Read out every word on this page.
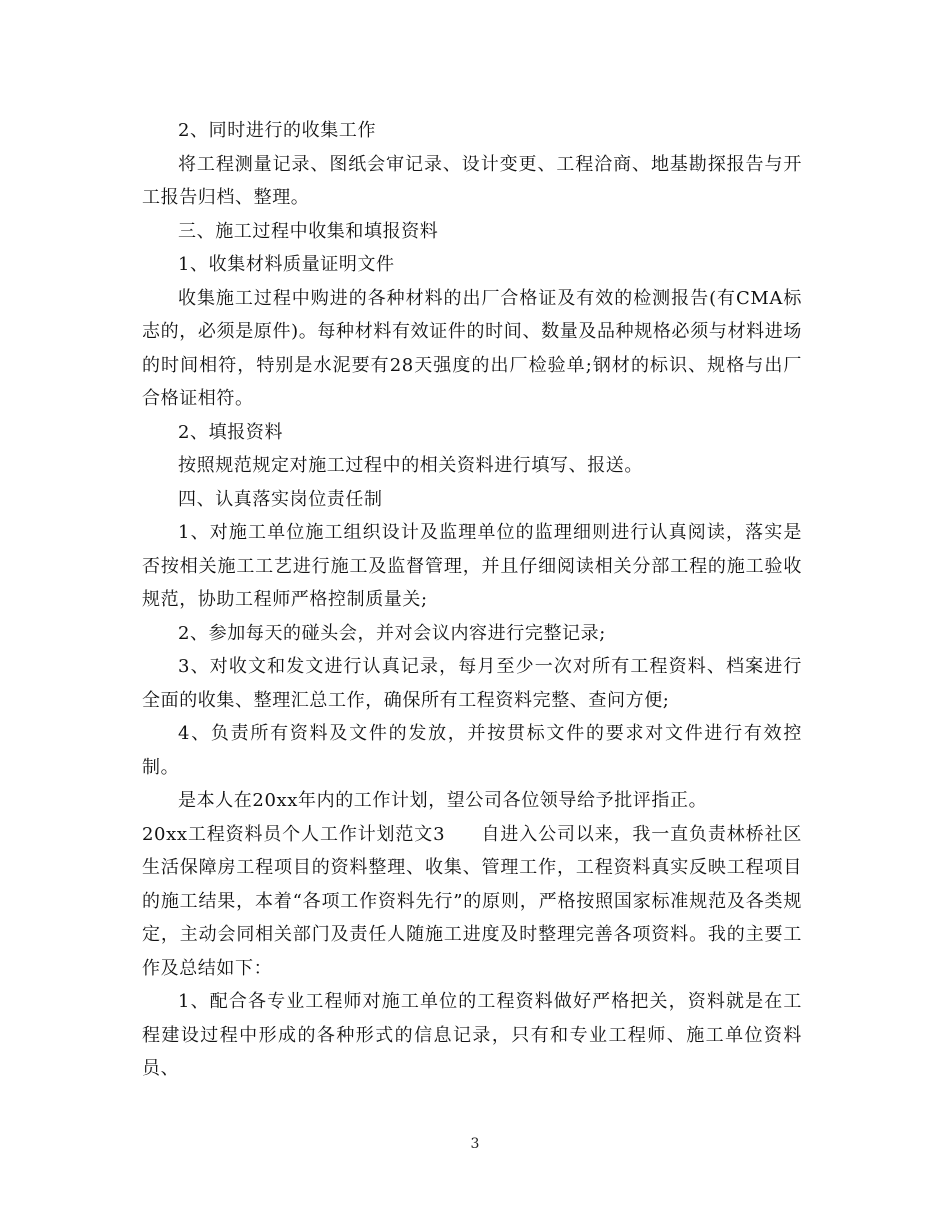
2、同时进行的收集工作

将工程测量记录、图纸会审记录、设计变更、工程洽商、地基勘探报告与开工报告归档、整理。

三、施工过程中收集和填报资料

1、收集材料质量证明文件

收集施工过程中购进的各种材料的出厂合格证及有效的检测报告(有CMA标志的，必须是原件)。每种材料有效证件的时间、数量及品种规格必须与材料进场的时间相符，特别是水泥要有28天强度的出厂检验单;钢材的标识、规格与出厂合格证相符。

2、填报资料

按照规范规定对施工过程中的相关资料进行填写、报送。

四、认真落实岗位责任制

1、对施工单位施工组织设计及监理单位的监理细则进行认真阅读，落实是否按相关施工工艺进行施工及监督管理，并且仔细阅读相关分部工程的施工验收规范，协助工程师严格控制质量关;

2、参加每天的碰头会，并对会议内容进行完整记录;

3、对收文和发文进行认真记录，每月至少一次对所有工程资料、档案进行全面的收集、整理汇总工作，确保所有工程资料完整、查问方便;

4、负责所有资料及文件的发放，并按贯标文件的要求对文件进行有效控制。

是本人在20xx年内的工作计划，望公司各位领导给予批评指正。

20xx工程资料员个人工作计划范文3 自进入公司以来，我一直负责林桥社区生活保障房工程项目的资料整理、收集、管理工作，工程资料真实反映工程项目的施工结果，本着“各项工作资料先行”的原则，严格按照国家标准规范及各类规定，主动会同相关部门及责任人随施工进度及时整理完善各项资料。我的主要工作及总结如下：

1、配合各专业工程师对施工单位的工程资料做好严格把关，资料就是在工程建设过程中形成的各种形式的信息记录，只有和专业工程师、施工单位资料员、

3
